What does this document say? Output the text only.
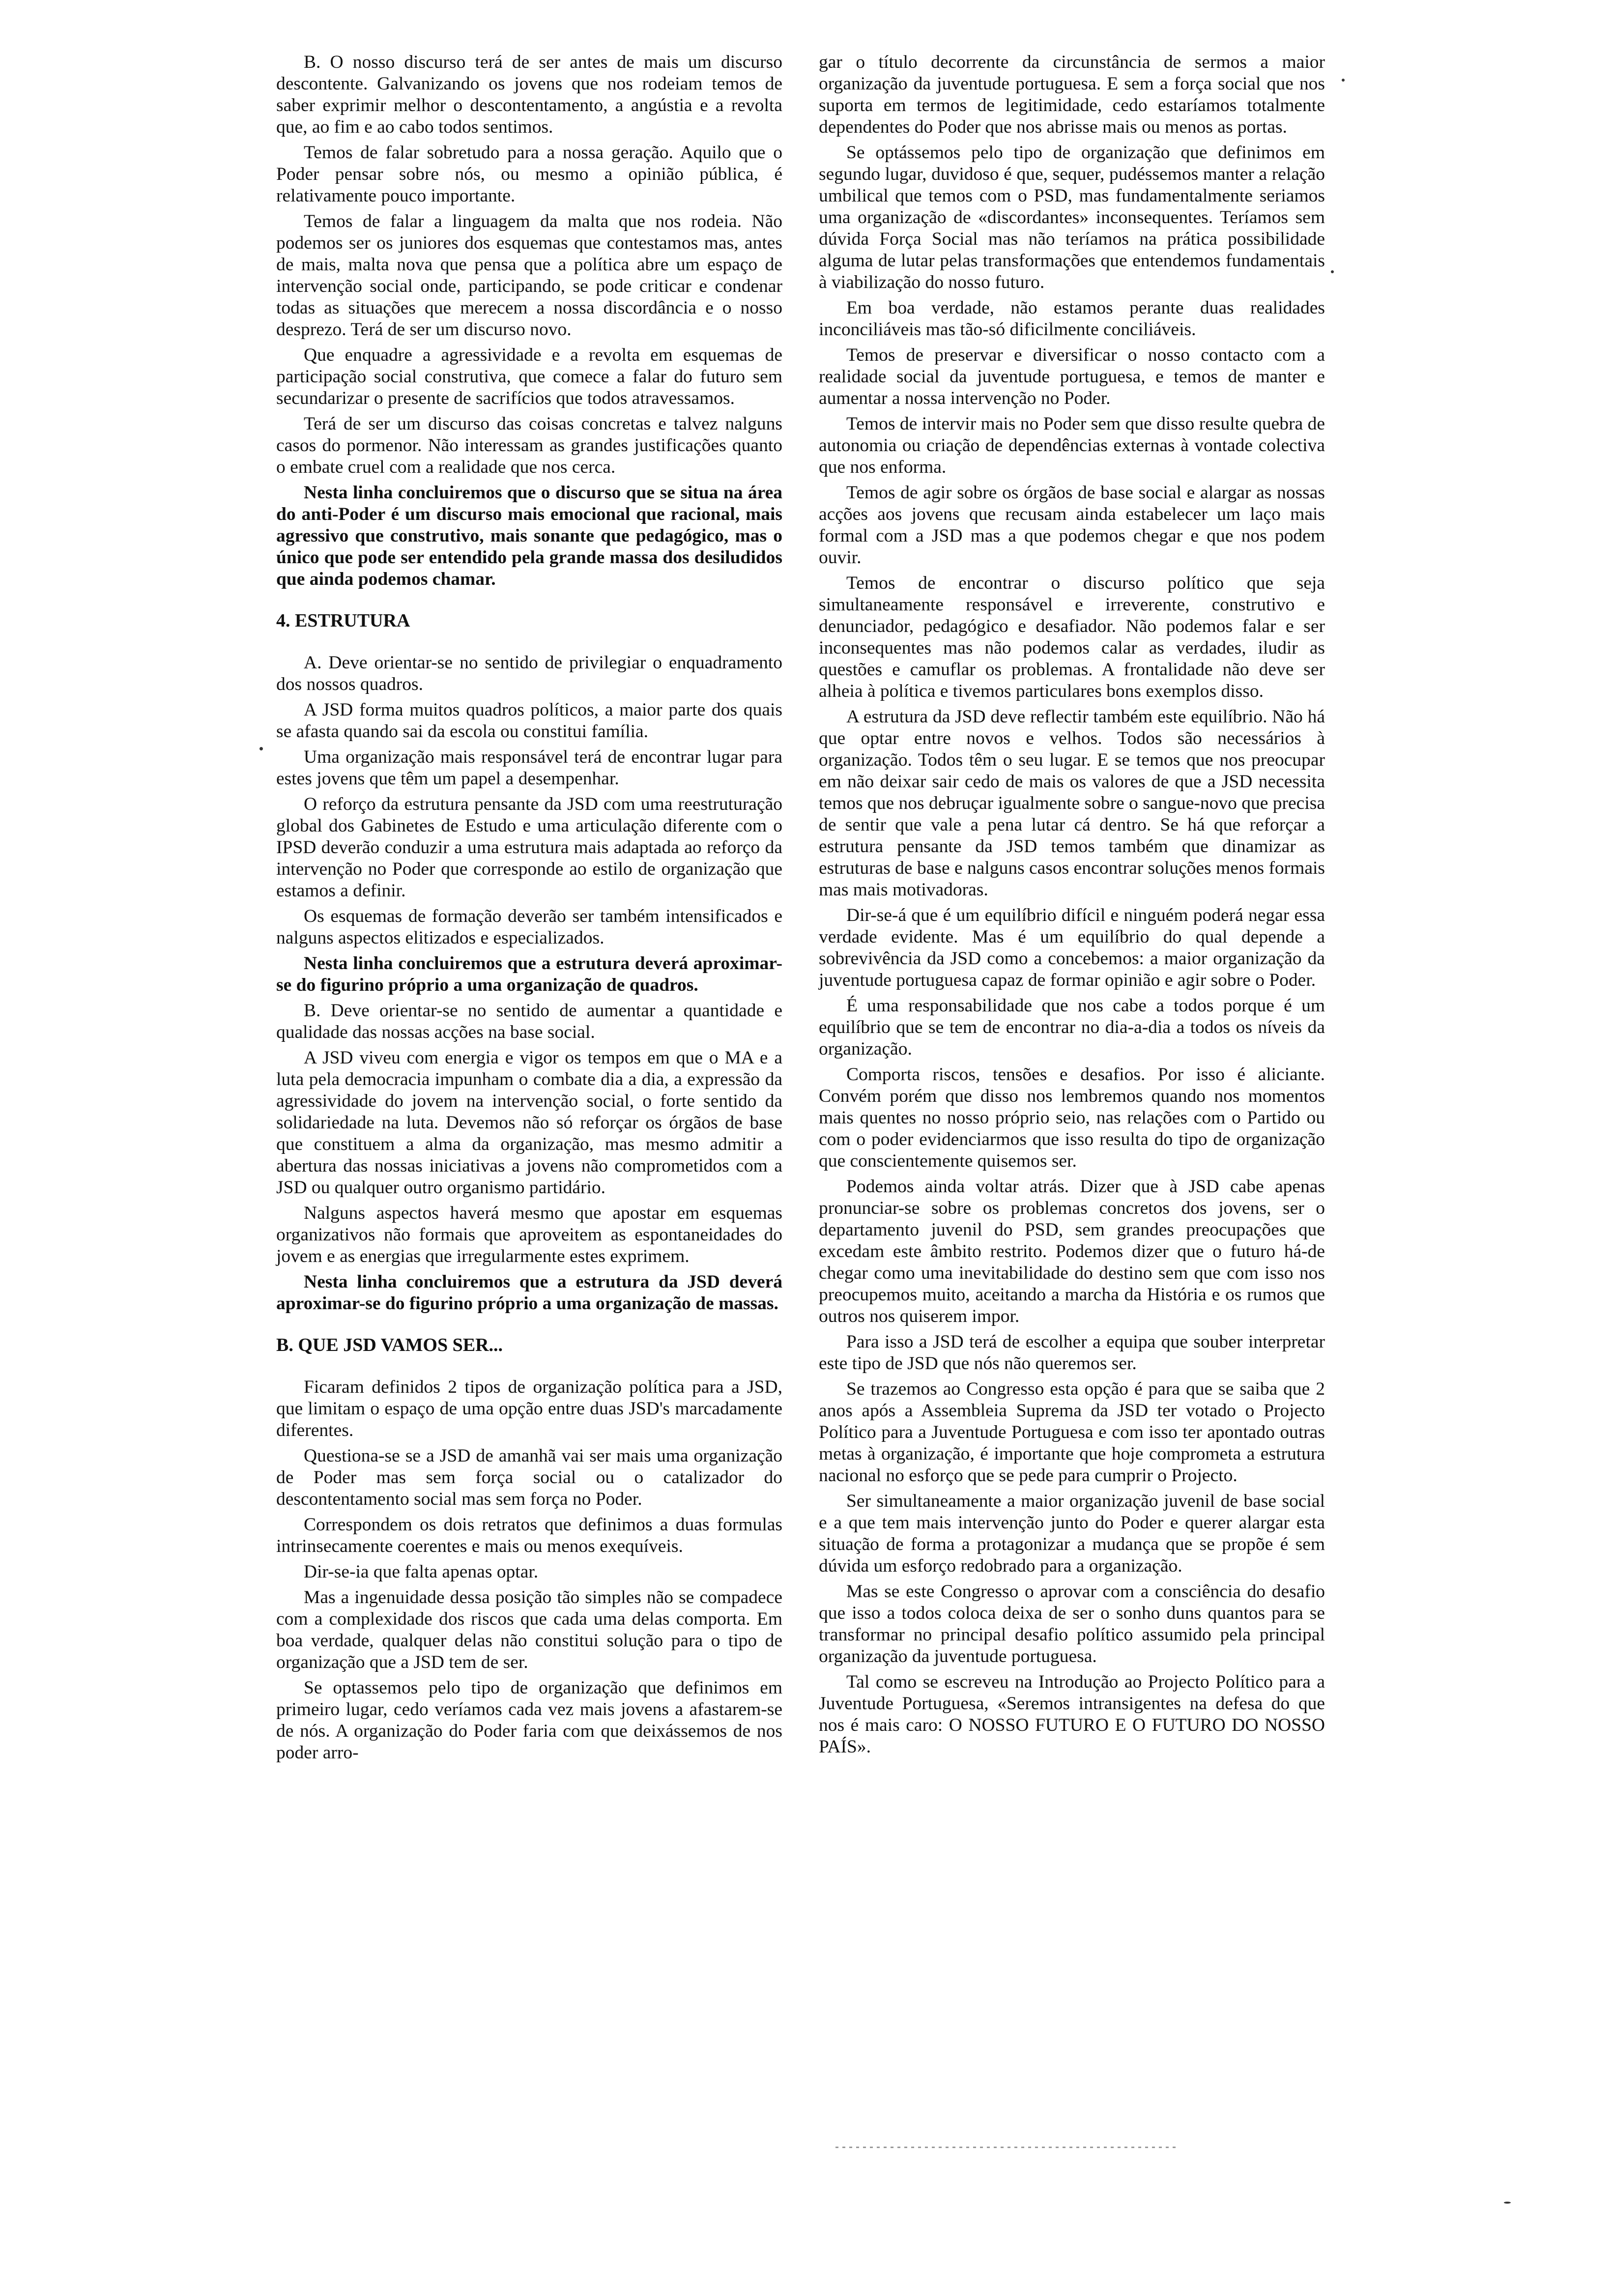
B. O nosso discurso terá de ser antes de mais um discurso descontente. Galvanizando os jovens que nos rodeiam temos de saber exprimir melhor o descontentamento, a angústia e a revolta que, ao fim e ao cabo todos sentimos.

Temos de falar sobretudo para a nossa geração. Aquilo que o Poder pensar sobre nós, ou mesmo a opinião pública, é relativamente pouco importante.

Temos de falar a linguagem da malta que nos rodeia. Não podemos ser os juniores dos esquemas que contestamos mas, antes de mais, malta nova que pensa que a política abre um espaço de intervenção social onde, participando, se pode criticar e condenar todas as situações que merecem a nossa discordância e o nosso desprezo. Terá de ser um discurso novo.

Que enquadre a agressividade e a revolta em esquemas de participação social construtiva, que comece a falar do futuro sem secundarizar o presente de sacrifícios que todos atravessamos.

Terá de ser um discurso das coisas concretas e talvez nalguns casos do pormenor. Não interessam as grandes justificações quanto o embate cruel com a realidade que nos cerca.

Nesta linha concluiremos que o discurso que se situa na área do anti-Poder é um discurso mais emocional que racional, mais agressivo que construtivo, mais sonante que pedagógico, mas o único que pode ser entendido pela grande massa dos desiludidos que ainda podemos chamar.

4. ESTRUTURA

A. Deve orientar-se no sentido de privilegiar o enquadramento dos nossos quadros.

A JSD forma muitos quadros políticos, a maior parte dos quais se afasta quando sai da escola ou constitui família.

Uma organização mais responsável terá de encontrar lugar para estes jovens que têm um papel a desempenhar.

O reforço da estrutura pensante da JSD com uma reestruturação global dos Gabinetes de Estudo e uma articulação diferente com o IPSD deverão conduzir a uma estrutura mais adaptada ao reforço da intervenção no Poder que corresponde ao estilo de organização que estamos a definir.

Os esquemas de formação deverão ser também intensificados e nalguns aspectos elitizados e especializados.

Nesta linha concluiremos que a estrutura deverá aproximar-se do figurino próprio a uma organização de quadros.

B. Deve orientar-se no sentido de aumentar a quantidade e qualidade das nossas acções na base social.

A JSD viveu com energia e vigor os tempos em que o MA e a luta pela democracia impunham o combate dia a dia, a expressão da agressividade do jovem na intervenção social, o forte sentido da solidariedade na luta. Devemos não só reforçar os órgãos de base que constituem a alma da organização, mas mesmo admitir a abertura das nossas iniciativas a jovens não comprometidos com a JSD ou qualquer outro organismo partidário.

Nalguns aspectos haverá mesmo que apostar em esquemas organizativos não formais que aproveitem as espontaneidades do jovem e as energias que irregularmente estes exprimem.

Nesta linha concluiremos que a estrutura da JSD deverá aproximar-se do figurino próprio a uma organização de massas.

B. QUE JSD VAMOS SER...

Ficaram definidos 2 tipos de organização política para a JSD, que limitam o espaço de uma opção entre duas JSD's marcadamente diferentes.

Questiona-se se a JSD de amanhã vai ser mais uma organização de Poder mas sem força social ou o catalizador do descontentamento social mas sem força no Poder.

Correspondem os dois retratos que definimos a duas formulas intrinsecamente coerentes e mais ou menos exequíveis.

Dir-se-ia que falta apenas optar.

Mas a ingenuidade dessa posição tão simples não se compadece com a complexidade dos riscos que cada uma delas comporta. Em boa verdade, qualquer delas não constitui solução para o tipo de organização que a JSD tem de ser.

Se optassemos pelo tipo de organização que definimos em primeiro lugar, cedo veríamos cada vez mais jovens a afastarem-se de nós. A organização do Poder faria com que deixássemos de nos poder arro-

gar o título decorrente da circunstância de sermos a maior organização da juventude portuguesa. E sem a força social que nos suporta em termos de legitimidade, cedo estaríamos totalmente dependentes do Poder que nos abrisse mais ou menos as portas.

Se optássemos pelo tipo de organização que definimos em segundo lugar, duvidoso é que, sequer, pudéssemos manter a relação umbilical que temos com o PSD, mas fundamentalmente seriamos uma organização de «discordantes» inconsequentes. Teríamos sem dúvida Força Social mas não teríamos na prática possibilidade alguma de lutar pelas transformações que entendemos fundamentais à viabilização do nosso futuro.

Em boa verdade, não estamos perante duas realidades inconciliáveis mas tão-só dificilmente conciliáveis.

Temos de preservar e diversificar o nosso contacto com a realidade social da juventude portuguesa, e temos de manter e aumentar a nossa intervenção no Poder.

Temos de intervir mais no Poder sem que disso resulte quebra de autonomia ou criação de dependências externas à vontade colectiva que nos enforma.

Temos de agir sobre os órgãos de base social e alargar as nossas acções aos jovens que recusam ainda estabelecer um laço mais formal com a JSD mas a que podemos chegar e que nos podem ouvir.

Temos de encontrar o discurso político que seja simultaneamente responsável e irreverente, construtivo e denunciador, pedagógico e desafiador. Não podemos falar e ser inconsequentes mas não podemos calar as verdades, iludir as questões e camuflar os problemas. A frontalidade não deve ser alheia à política e tivemos particulares bons exemplos disso.

A estrutura da JSD deve reflectir também este equilíbrio. Não há que optar entre novos e velhos. Todos são necessários à organização. Todos têm o seu lugar. E se temos que nos preocupar em não deixar sair cedo de mais os valores de que a JSD necessita temos que nos debruçar igualmente sobre o sangue-novo que precisa de sentir que vale a pena lutar cá dentro. Se há que reforçar a estrutura pensante da JSD temos também que dinamizar as estruturas de base e nalguns casos encontrar soluções menos formais mas mais motivadoras.

Dir-se-á que é um equilíbrio difícil e ninguém poderá negar essa verdade evidente. Mas é um equilíbrio do qual depende a sobrevivência da JSD como a concebemos: a maior organização da juventude portuguesa capaz de formar opinião e agir sobre o Poder.

É uma responsabilidade que nos cabe a todos porque é um equilíbrio que se tem de encontrar no dia-a-dia a todos os níveis da organização.

Comporta riscos, tensões e desafios. Por isso é aliciante. Convém porém que disso nos lembremos quando nos momentos mais quentes no nosso próprio seio, nas relações com o Partido ou com o poder evidenciarmos que isso resulta do tipo de organização que conscientemente quisemos ser.

Podemos ainda voltar atrás. Dizer que à JSD cabe apenas pronunciar-se sobre os problemas concretos dos jovens, ser o departamento juvenil do PSD, sem grandes preocupações que excedam este âmbito restrito. Podemos dizer que o futuro há-de chegar como uma inevitabilidade do destino sem que com isso nos preocupemos muito, aceitando a marcha da História e os rumos que outros nos quiserem impor.

Para isso a JSD terá de escolher a equipa que souber interpretar este tipo de JSD que nós não queremos ser.

Se trazemos ao Congresso esta opção é para que se saiba que 2 anos após a Assembleia Suprema da JSD ter votado o Projecto Político para a Juventude Portuguesa e com isso ter apontado outras metas à organização, é importante que hoje comprometa a estrutura nacional no esforço que se pede para cumprir o Projecto.

Ser simultaneamente a maior organização juvenil de base social e a que tem mais intervenção junto do Poder e querer alargar esta situação de forma a protagonizar a mudança que se propõe é sem dúvida um esforço redobrado para a organização.

Mas se este Congresso o aprovar com a consciência do desafio que isso a todos coloca deixa de ser o sonho duns quantos para se transformar no principal desafio político assumido pela principal organização da juventude portuguesa.

Tal como se escreveu na Introdução ao Projecto Político para a Juventude Portuguesa, «Seremos intransigentes na defesa do que nos é mais caro: O NOSSO FUTURO E O FUTURO DO NOSSO PAÍS».
